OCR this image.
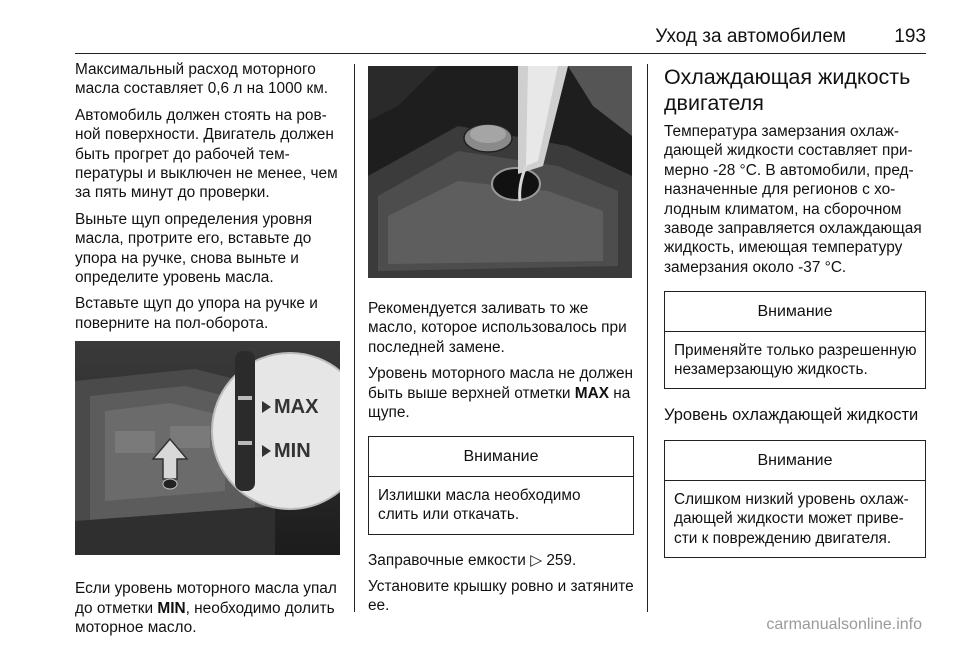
Уход за автомобилем	193

Максимальный расход моторного масла составляет 0,6 л на 1000 км.

Автомобиль должен стоять на ровной поверхности. Двигатель должен быть прогрет до рабочей температуры и выключен не менее, чем за пять минут до проверки.

Выньте щуп определения уровня масла, протрите его, вставьте до упора на ручке, снова выньте и определите уровень масла.

Вставьте щуп до упора на ручке и поверните на пол-оборота.

MAX
MIN

Если уровень моторного масла упал до отметки MIN, необходимо долить моторное масло.

Рекомендуется заливать то же масло, которое использовалось при последней замене.

Уровень моторного масла не должен быть выше верхней отметки MAX на щупе.

Внимание
Излишки масла необходимо слить или откачать.

Заправочные емкости ▷ 259.

Установите крышку ровно и затяните ее.

Охлаждающая жидкость двигателя

Температура замерзания охлаждающей жидкости составляет примерно -28 °C. В автомобили, предназначенные для регионов с холодным климатом, на сборочном заводе заправляется охлаждающая жидкость, имеющая температуру замерзания около -37 °C.

Внимание
Применяйте только разрешенную незамерзающую жидкость.
Уровень охлаждающей жидкости
Внимание
Слишком низкий уровень охлаждающей жидкости может привести к повреждению двигателя.
carmanualsonline.info
